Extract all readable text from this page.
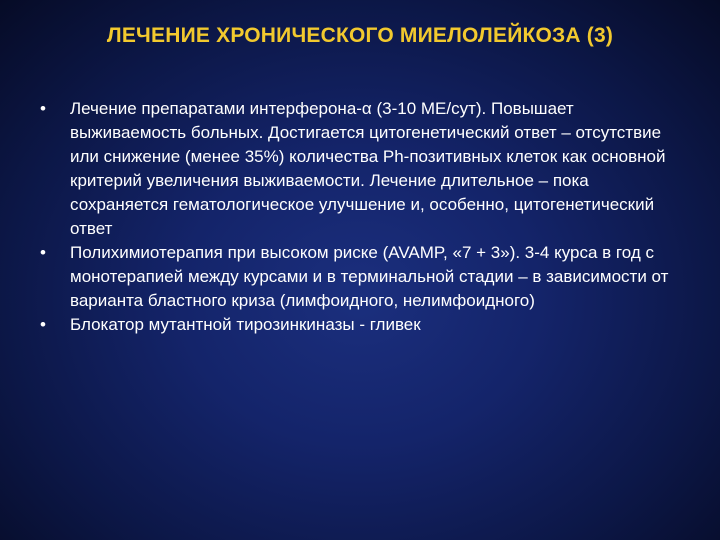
ЛЕЧЕНИЕ ХРОНИЧЕСКОГО МИЕЛОЛЕЙКОЗА (3)
• Лечение препаратами интерферона-α (3-10 МЕ/сут). Повышает выживаемость больных. Достигается цитогенетический ответ – отсутствие или снижение (менее 35%) количества Ph-позитивных клеток как основной критерий увеличения выживаемости. Лечение длительное – пока сохраняется гематологическое улучшение и, особенно, цитогенетический ответ
• Полихимиотерапия при высоком риске (AVAMP, «7 + 3»). 3-4 курса в год с монотерапией между курсами и в терминальной стадии – в зависимости от варианта бластного криза (лимфоидного, нелимфоидного)
• Блокатор мутантной тирозинкиназы - гливек
